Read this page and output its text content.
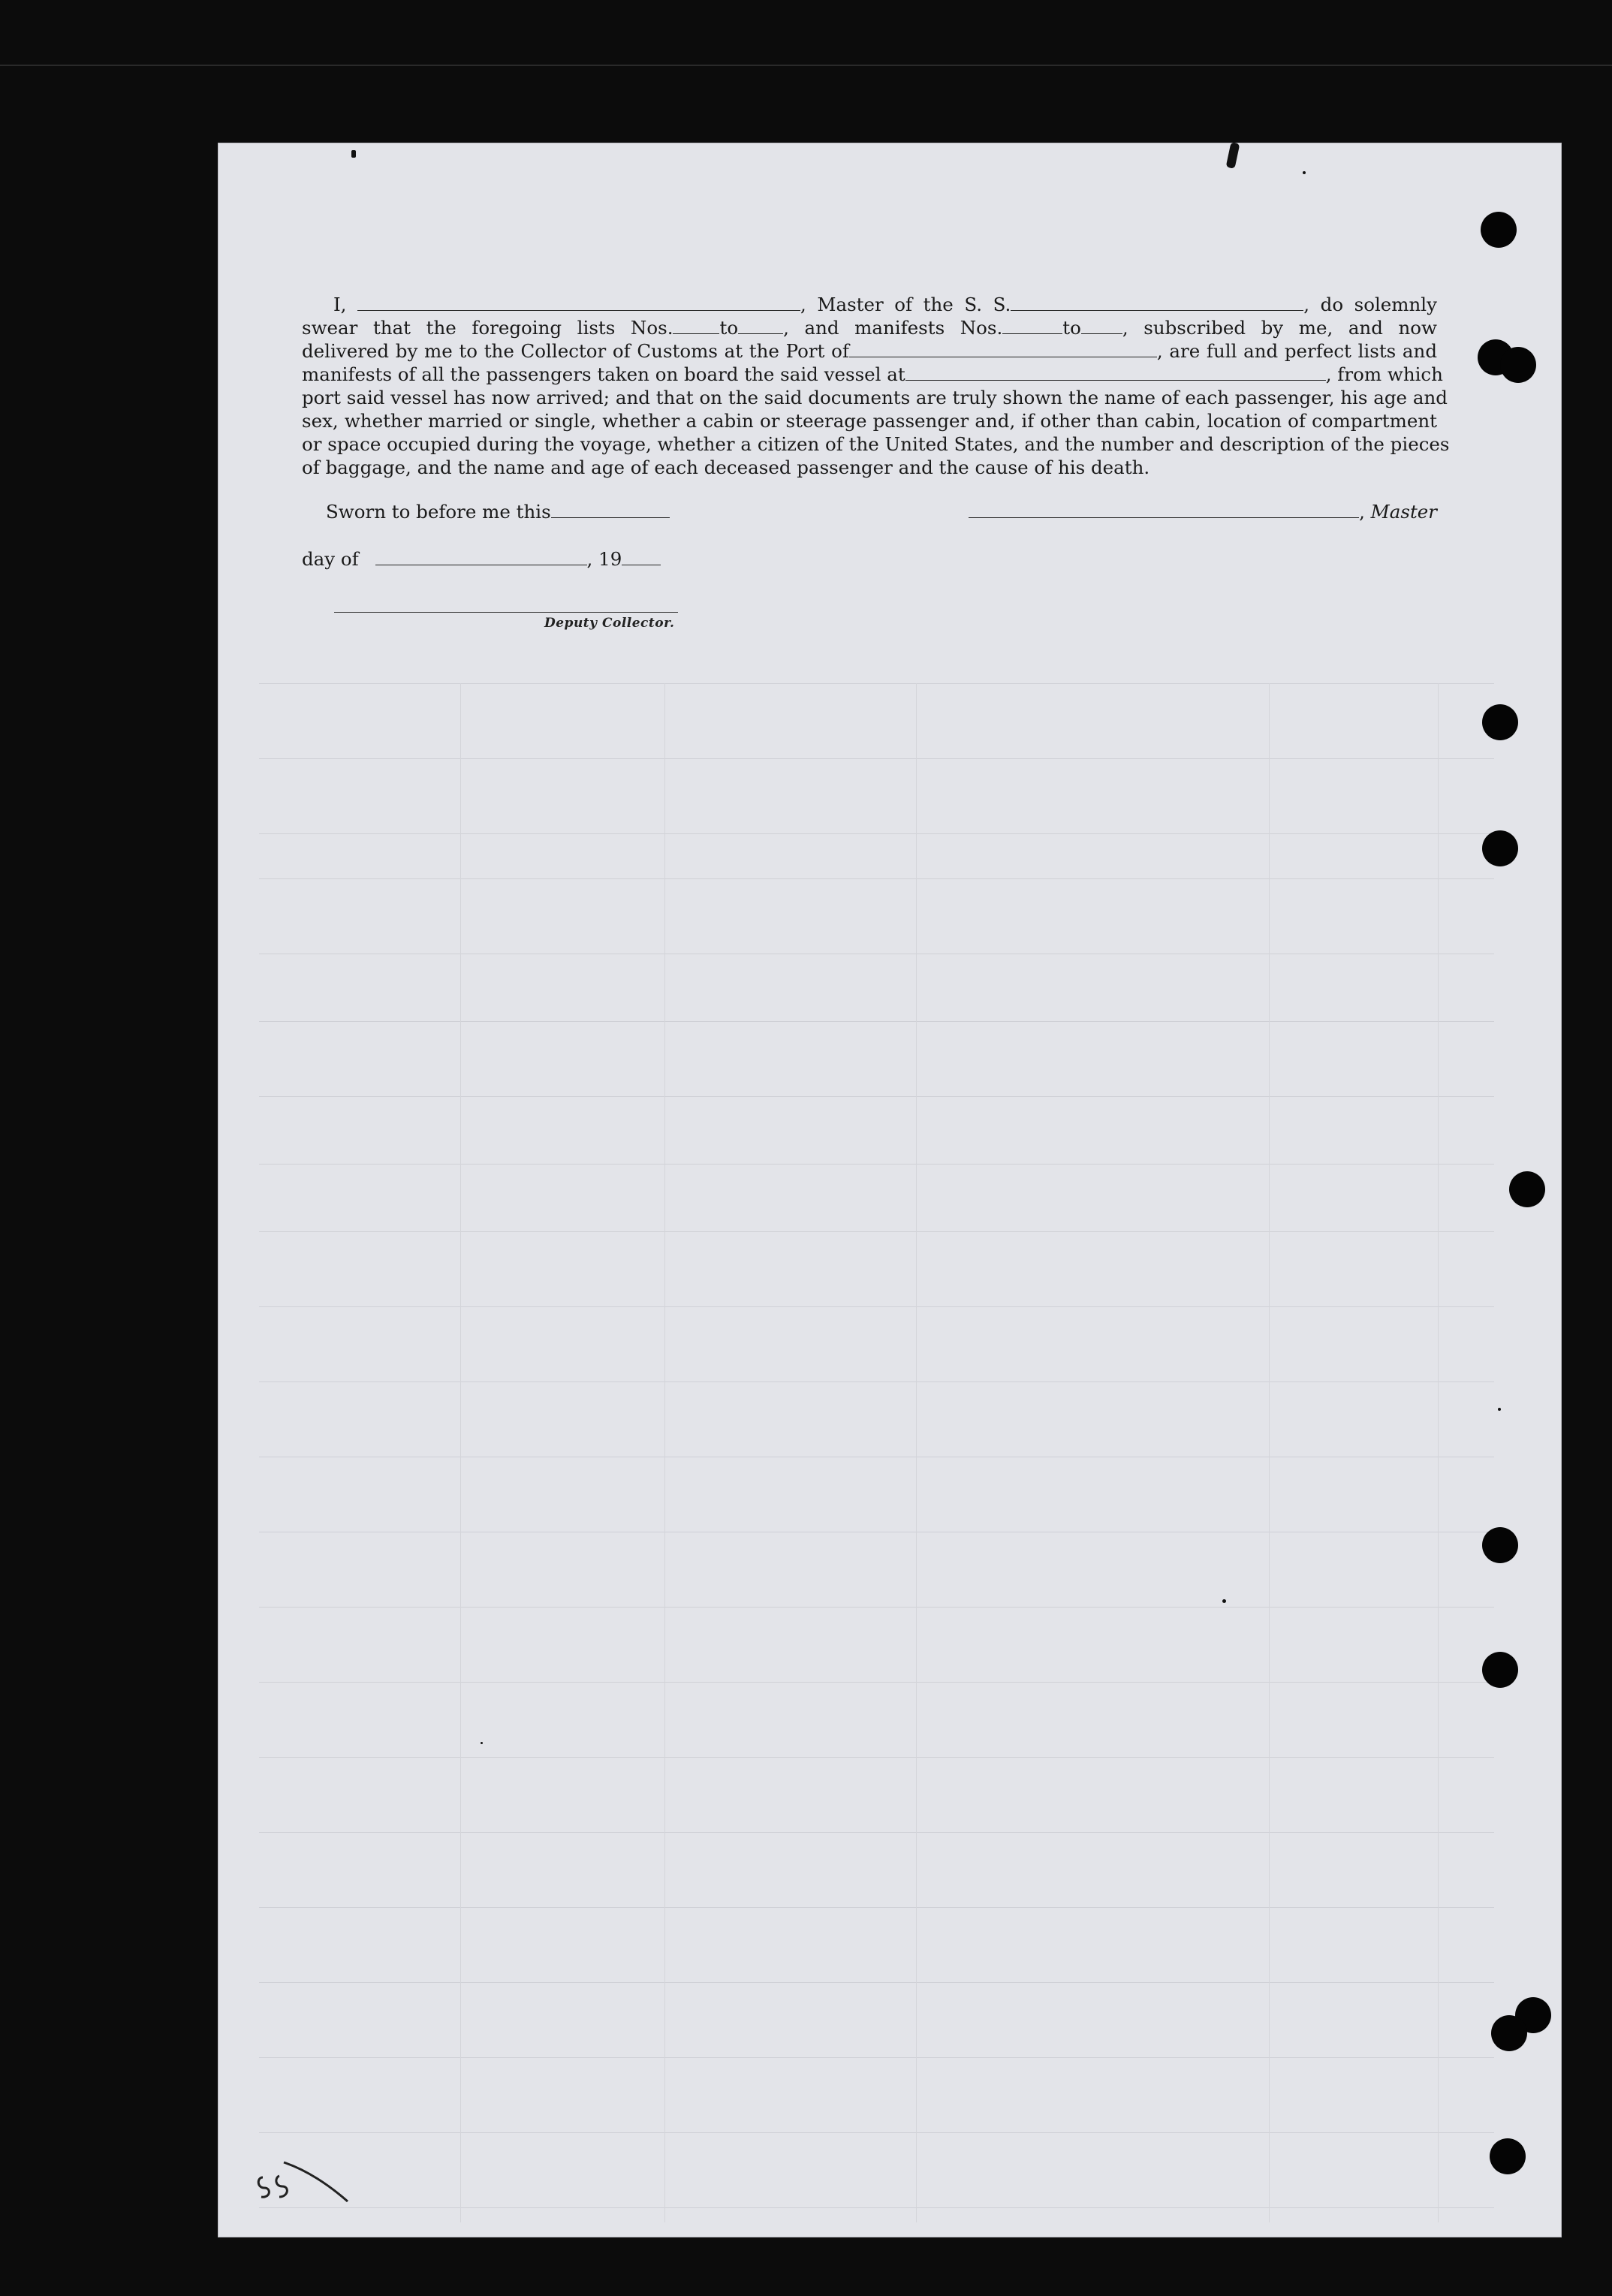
I,	, Master of the S. S.	, do solemnly
swear that the foregoing lists Nos.	to , and manifests Nos.	to , subscribed by me, and now
delivered by me to the Collector of Customs at the Port of	, are full and perfect lists and
manifests of all the passengers taken on board the said vessel at	, from which
port said vessel has now arrived; and that on the said documents are truly shown the name of each passenger, his age and
sex, whether married or single, whether a cabin or steerage passenger and, if other than cabin, location of compartment
or space occupied during the voyage, whether a citizen of the United States, and the number and description of the pieces
of baggage, and the name and age of each deceased passenger and the cause of his death.
Sworn to before me this	, Master
day of	, 19
Deputy Collector.
